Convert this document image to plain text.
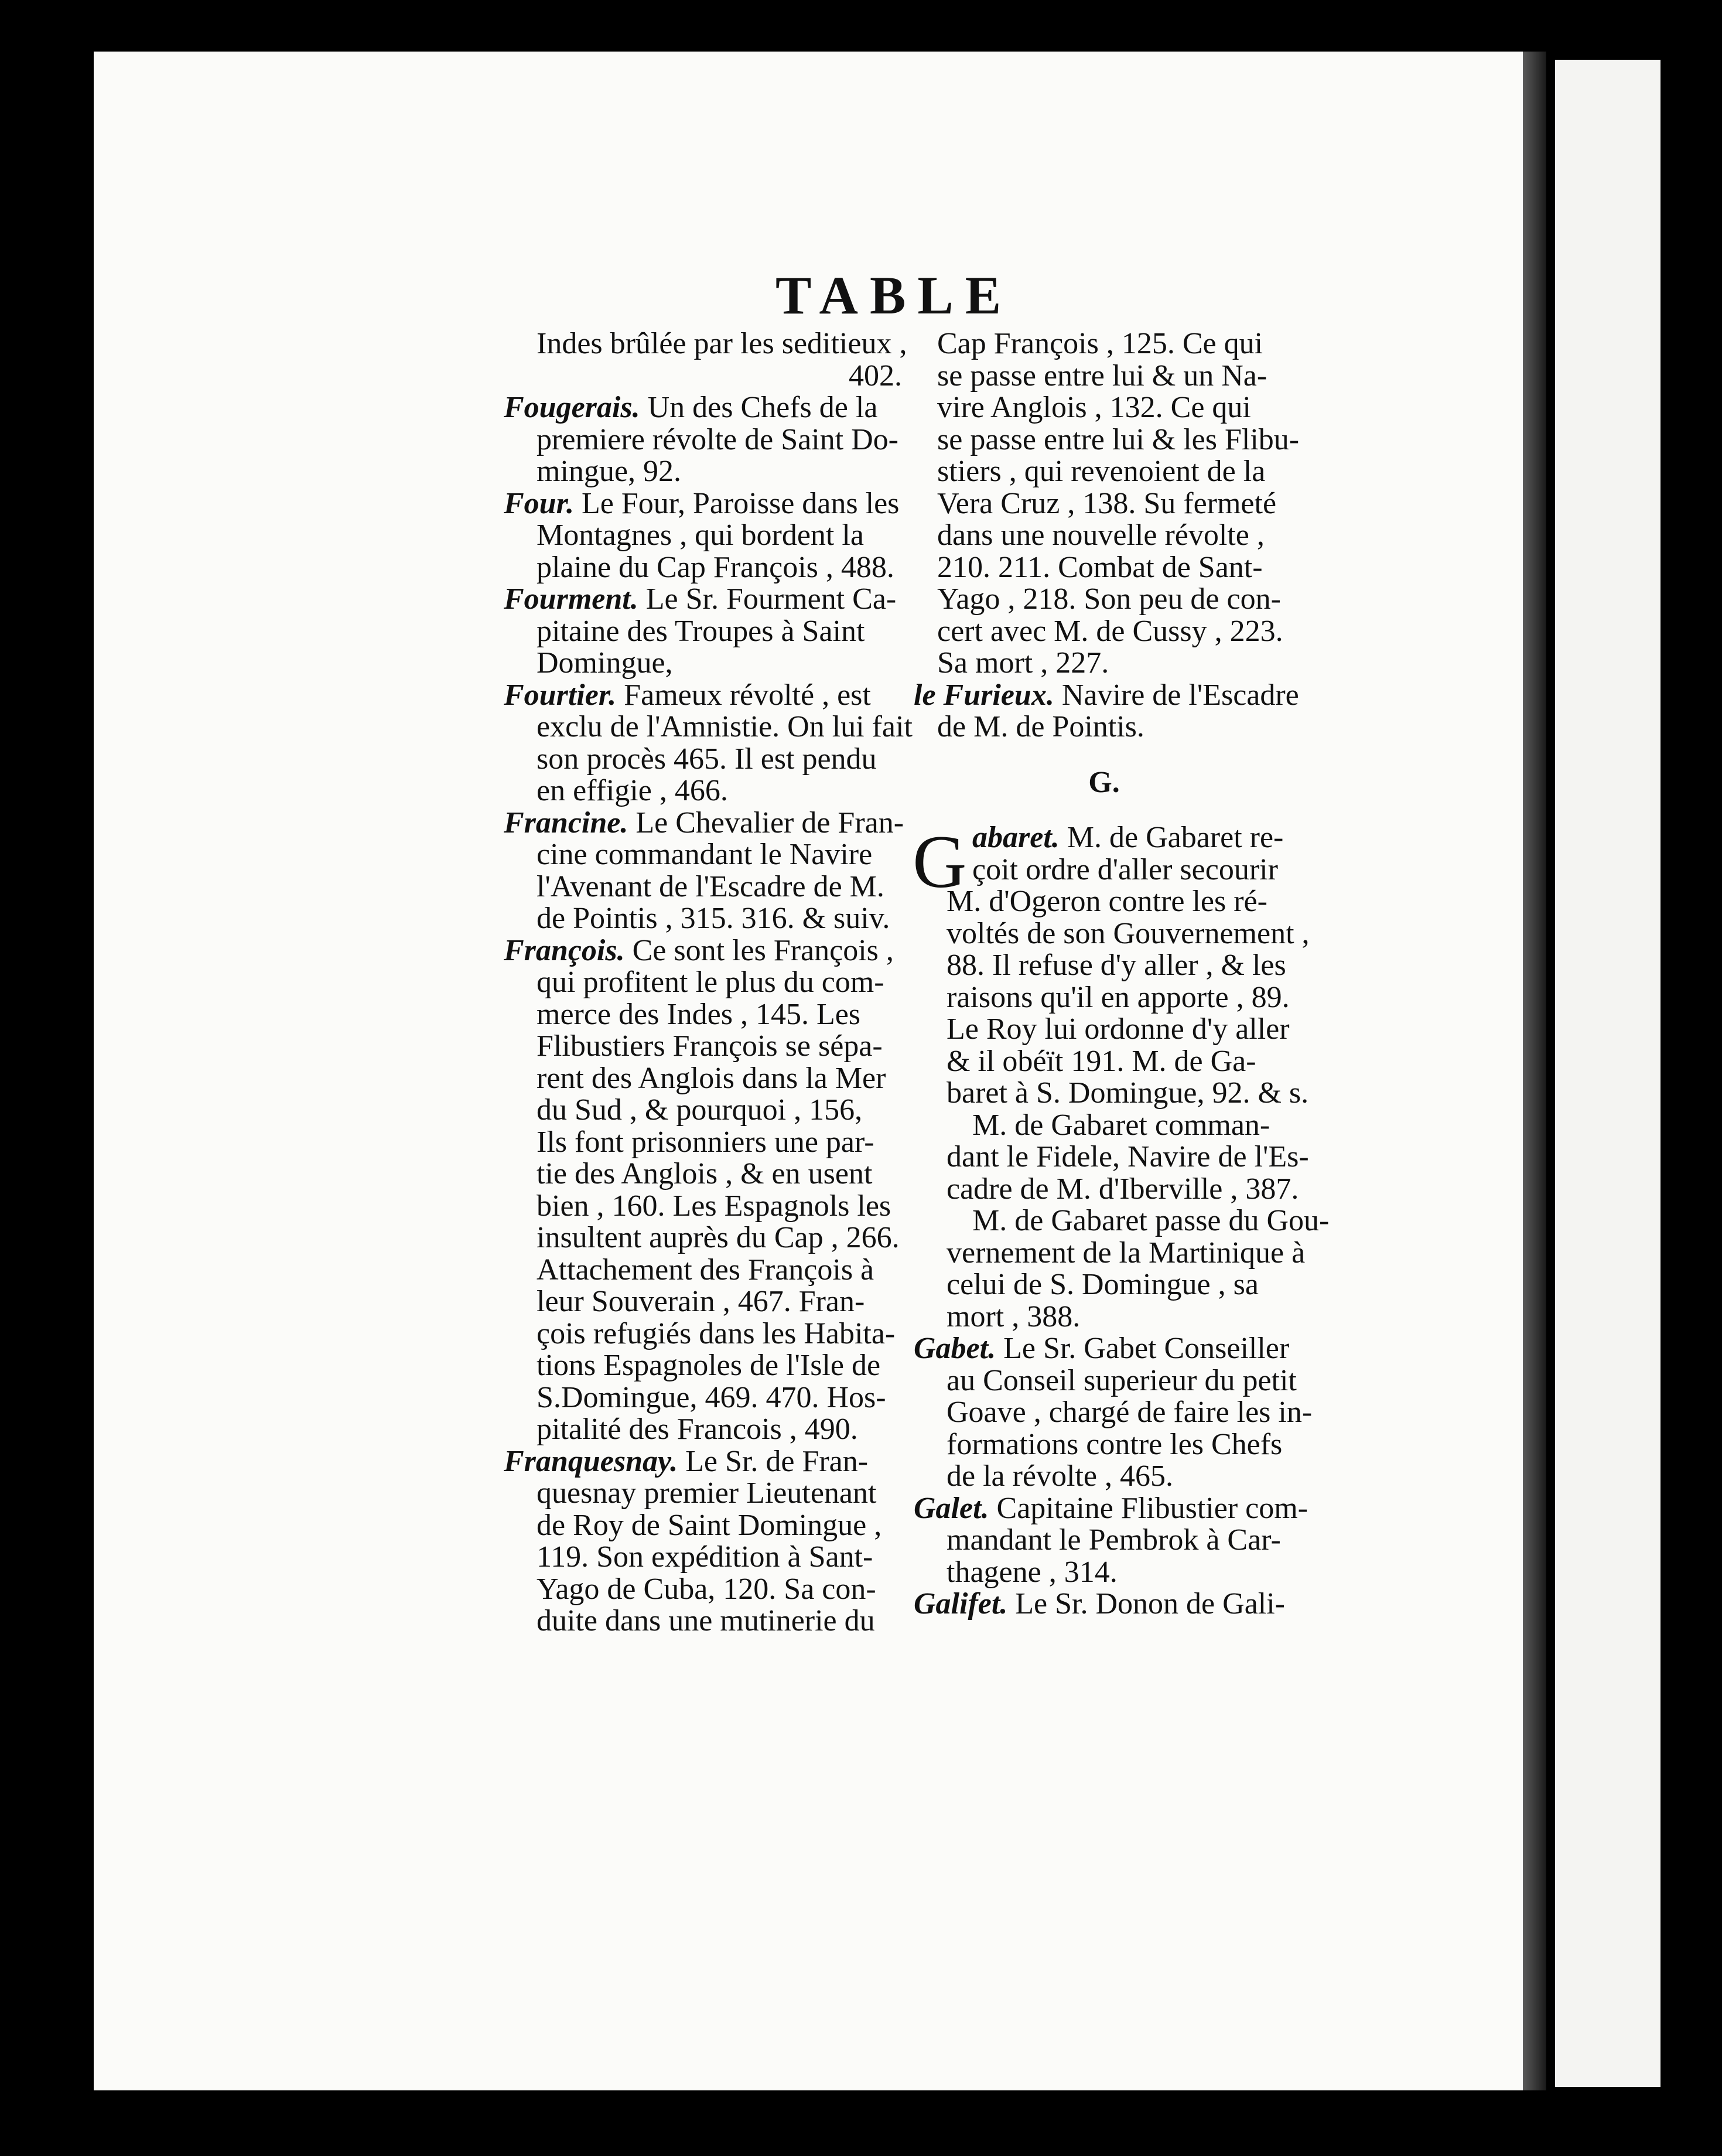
TABLE
Indes brûlée par les seditieux ,
402.
Fougerais. Un des Chefs de la
premiere révolte de Saint Do-
mingue, 92.
Four. Le Four, Paroisse dans les
Montagnes , qui bordent la
plaine du Cap François , 488.
Fourment. Le Sr. Fourment Ca-
pitaine des Troupes à Saint
Domingue,
Fourtier. Fameux révolté , est
exclu de l'Amnistie. On lui fait
son procès 465. Il est pendu
en effigie , 466.
Francine. Le Chevalier de Fran-
cine commandant le Navire
l'Avenant de l'Escadre de M.
de Pointis , 315. 316. & suiv.
François. Ce sont les François ,
qui profitent le plus du com-
merce des Indes , 145. Les
Flibustiers François se sépa-
rent des Anglois dans la Mer
du Sud , & pourquoi , 156,
Ils font prisonniers une par-
tie des Anglois , & en usent
bien , 160. Les Espagnols les
insultent auprès du Cap , 266.
Attachement des François à
leur Souverain , 467. Fran-
çois refugiés dans les Habita-
tions Espagnoles de l'Isle de
S.Domingue, 469. 470. Hos-
pitalité des Francois , 490.
Franquesnay. Le Sr. de Fran-
quesnay premier Lieutenant
de Roy de Saint Domingue ,
119. Son expédition à Sant-
Yago de Cuba, 120. Sa con-
duite dans une mutinerie du
Cap François , 125. Ce qui
se passe entre lui & un Na-
vire Anglois , 132. Ce qui
se passe entre lui & les Flibu-
stiers , qui revenoient de la
Vera Cruz , 138. Su fermeté
dans une nouvelle révolte ,
210. 211. Combat de Sant-
Yago , 218. Son peu de con-
cert avec M. de Cussy , 223.
Sa mort , 227.
le Furieux. Navire de l'Escadre
de M. de Pointis.
G.
G abaret. M. de Gabaret re-
çoit ordre d'aller secourir
M. d'Ogeron contre les ré-
voltés de son Gouvernement ,
88. Il refuse d'y aller , & les
raisons qu'il en apporte , 89.
Le Roy lui ordonne d'y aller
& il obéït 191. M. de Ga-
baret à S. Domingue, 92. & s.
M. de Gabaret comman-
dant le Fidele, Navire de l'Es-
cadre de M. d'Iberville , 387.
M. de Gabaret passe du Gou-
vernement de la Martinique à
celui de S. Domingue , sa
mort , 388.
Gabet. Le Sr. Gabet Conseiller
au Conseil superieur du petit
Goave , chargé de faire les in-
formations contre les Chefs
de la révolte , 465.
Galet. Capitaine Flibustier com-
mandant le Pembrok à Car-
thagene , 314.
Galifet. Le Sr. Donon de Gali-
